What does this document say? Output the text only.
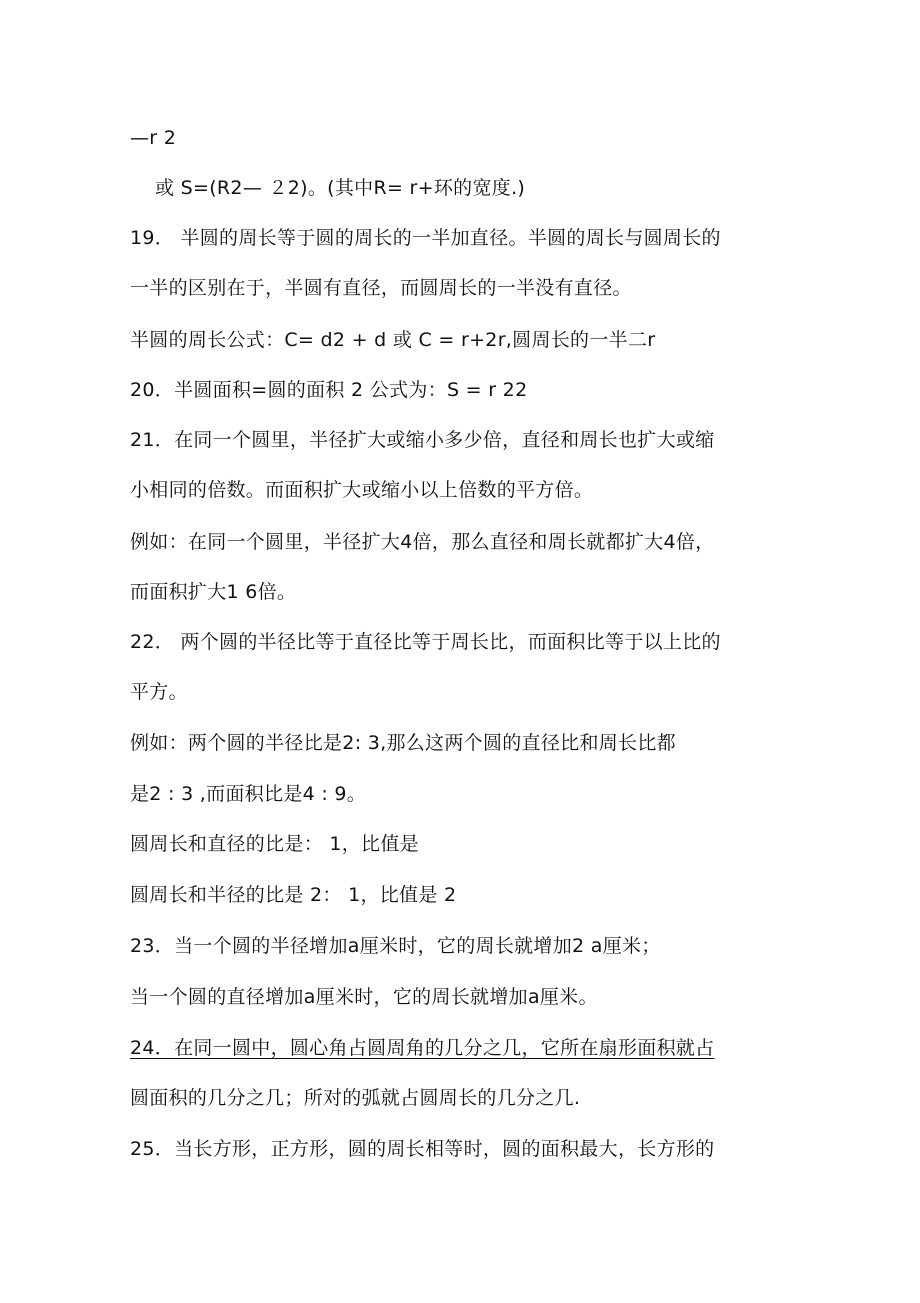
—r 2
或 S=(R2— ２2)。(其中R= r+环的宽度.)
19． 半圆的周长等于圆的周长的一半加直径。半圆的周长与圆周长的
一半的区别在于，半圆有直径，而圆周长的一半没有直径。
半圆的周长公式：C= d2 + d 或 C = r+2r,圆周长的一半二r
20．半圆面积=圆的面积 2 公式为：S = r 22
21．在同一个圆里，半径扩大或缩小多少倍，直径和周长也扩大或缩
小相同的倍数。而面积扩大或缩小以上倍数的平方倍。
例如：在同一个圆里，半径扩大4倍，那么直径和周长就都扩大4倍，
而面积扩大1 6倍。
22． 两个圆的半径比等于直径比等于周长比，而面积比等于以上比的
平方。
例如：两个圆的半径比是2: 3,那么这两个圆的直径比和周长比都
是2 : 3 ,而面积比是4 : 9。
圆周长和直径的比是： 1，比值是
圆周长和半径的比是 2： 1，比值是 2
23．当一个圆的半径增加a厘米时，它的周长就增加2 a厘米；
当一个圆的直径增加a厘米时，它的周长就增加a厘米。
24．在同一圆中，圆心角占圆周角的几分之几，它所在扇形面积就占
圆面积的几分之几；所对的弧就占圆周长的几分之几.
25．当长方形，正方形，圆的周长相等时，圆的面积最大，长方形的
